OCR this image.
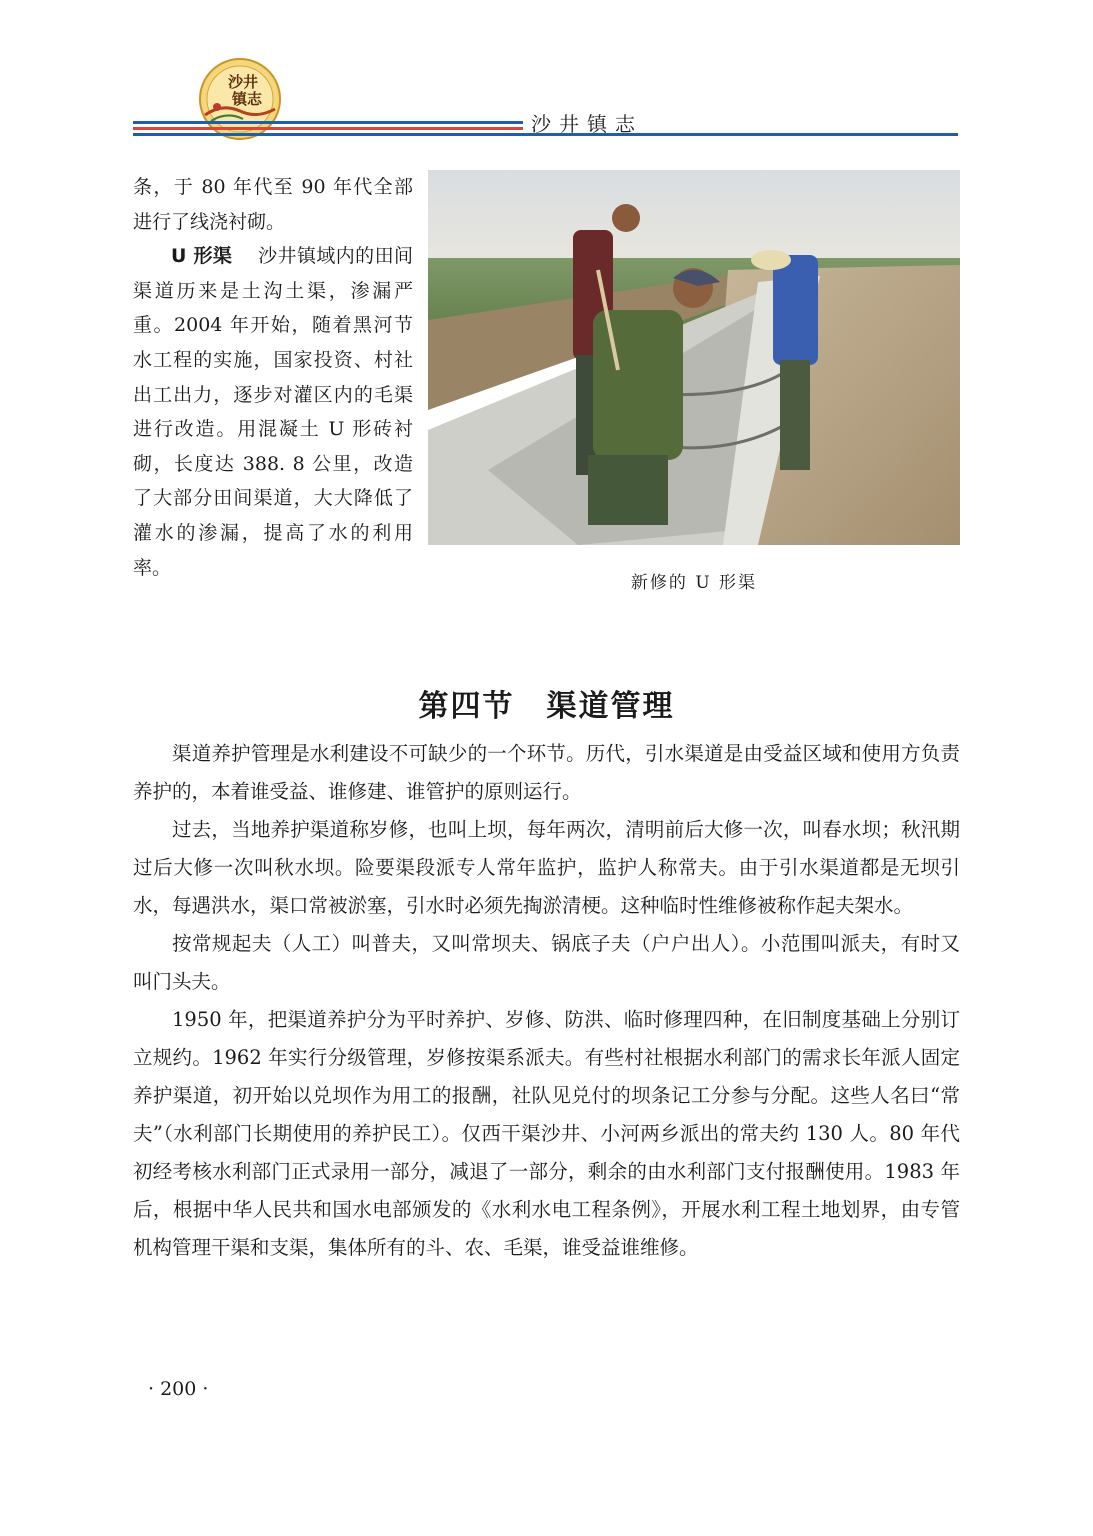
沙井
镇志
沙井镇志

条，于 80 年代至 90 年代全部进行了线浇衬砌。

U 形渠　 沙井镇域内的田间渠道历来是土沟土渠，渗漏严重。2004 年开始，随着黑河节水工程的实施，国家投资、村社出工出力，逐步对灌区内的毛渠进行改造。用混凝土 U 形砖衬砌，长度达 388. 8 公里，改造了大部分田间渠道，大大降低了灌水的渗漏，提高了水的利用率。

新修的 U 形渠
第四节　渠道管理

渠道养护管理是水利建设不可缺少的一个环节。历代，引水渠道是由受益区域和使用方负责养护的，本着谁受益、谁修建、谁管护的原则运行。

过去，当地养护渠道称岁修，也叫上坝，每年两次，清明前后大修一次，叫春水坝；秋汛期过后大修一次叫秋水坝。险要渠段派专人常年监护，监护人称常夫。由于引水渠道都是无坝引水，每遇洪水，渠口常被淤塞，引水时必须先掏淤清梗。这种临时性维修被称作起夫架水。

按常规起夫（人工）叫普夫，又叫常坝夫、锅底子夫（户户出人）。小范围叫派夫，有时又叫门头夫。

1950 年，把渠道养护分为平时养护、岁修、防洪、临时修理四种，在旧制度基础上分别订立规约。1962 年实行分级管理，岁修按渠系派夫。有些村社根据水利部门的需求长年派人固定养护渠道，初开始以兑坝作为用工的报酬，社队见兑付的坝条记工分参与分配。这些人名曰“常夫”（水利部门长期使用的养护民工）。仅西干渠沙井、小河两乡派出的常夫约 130 人。80 年代初经考核水利部门正式录用一部分，减退了一部分，剩余的由水利部门支付报酬使用。1983 年后，根据中华人民共和国水电部颁发的《水利水电工程条例》，开展水利工程土地划界，由专管机构管理干渠和支渠，集体所有的斗、农、毛渠，谁受益谁维修。

· 200 ·
